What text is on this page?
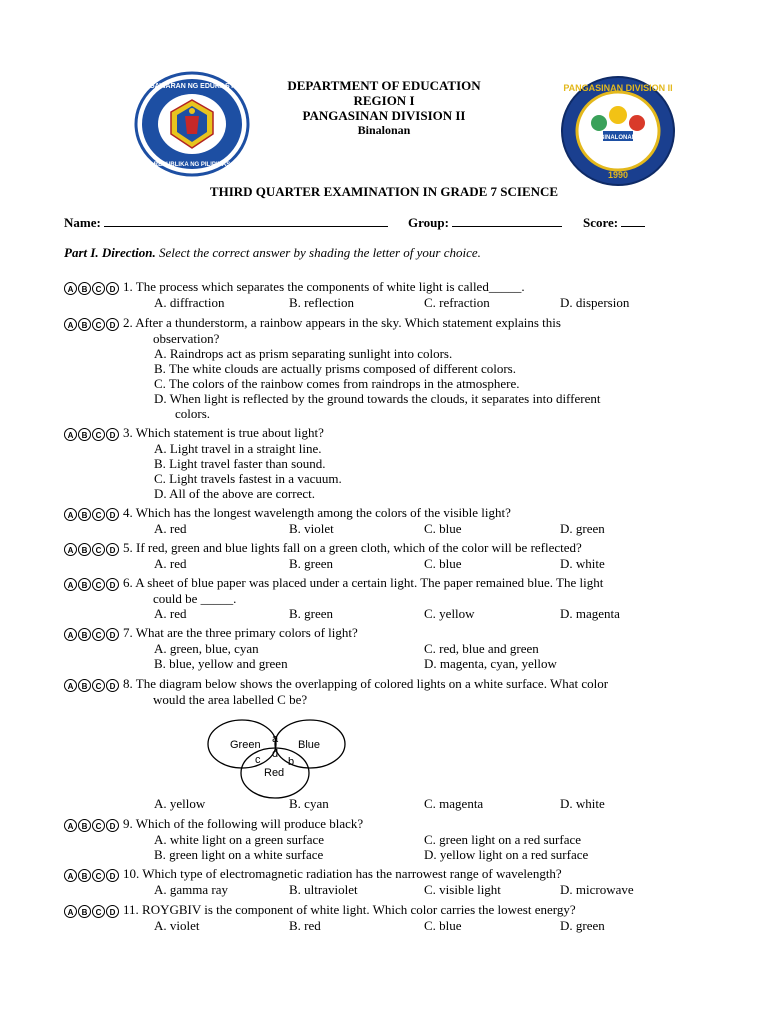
KAGAWARAN NG EDUKASYON
REPUBLIKA NG PILIPINAS
PANGASINAN DIVISION II
BINALONAN
1990
DEPARTMENT OF EDUCATION
REGION I
PANGASINAN DIVISION II
Binalonan
THIRD QUARTER EXAMINATION IN GRADE 7 SCIENCE
Name:	Group:	Score:
Part I. Direction. Select the correct answer by shading the letter of your choice.
A	B	C	D 1. The process which separates the components of white light is called_____.
A. diffraction	B. reflection	C. refraction	D. dispersion
A	B	C	D 2. After a thunderstorm, a rainbow appears in the sky. Which statement explains this
observation?
A. Raindrops act as prism separating sunlight into colors.
B. The white clouds are actually prisms composed of different colors.
C. The colors of the rainbow comes from raindrops in the atmosphere.
D. When light is reflected by the ground towards the clouds, it separates into different
colors.
A	B	C	D 3. Which statement is true about light?
A. Light travel in a straight line.
B. Light travel faster than sound.
C. Light travels fastest in a vacuum.
D. All of the above are correct.
A	B	C	D 4. Which has the longest wavelength among the colors of the visible light?
A. red	B. violet	C. blue	D. green
A	B	C	D 5. If red, green and blue lights fall on a green cloth, which of the color will be reflected?
A. red	B. green	C. blue	D. white
A	B	C	D 6. A sheet of blue paper was placed under a certain light. The paper remained blue. The light
could be _____.
A. red	B. green	C. yellow	D. magenta
A	B	C	D 7. What are the three primary colors of light?
A. green, blue, cyan	C. red, blue and green
B. blue, yellow and green	D. magenta, cyan, yellow
A	B	C	D 8. The diagram below shows the overlapping of colored lights on a white surface. What color
would the area labelled C be?
Green	Blue
Red
a
b
c d
A. yellow	B. cyan	C. magenta	D. white
A	B	C	D 9. Which of the following will produce black?
A. white light on a green surface	C. green light on a red surface
B. green light on a white surface	D. yellow light on a red surface
A	B	C	D 10. Which type of electromagnetic radiation has the narrowest range of wavelength?
A. gamma ray	B. ultraviolet	C. visible light	D. microwave
A	B	C	D 11. ROYGBIV is the component of white light. Which color carries the lowest energy?
A. violet	B. red	C. blue	D. green
